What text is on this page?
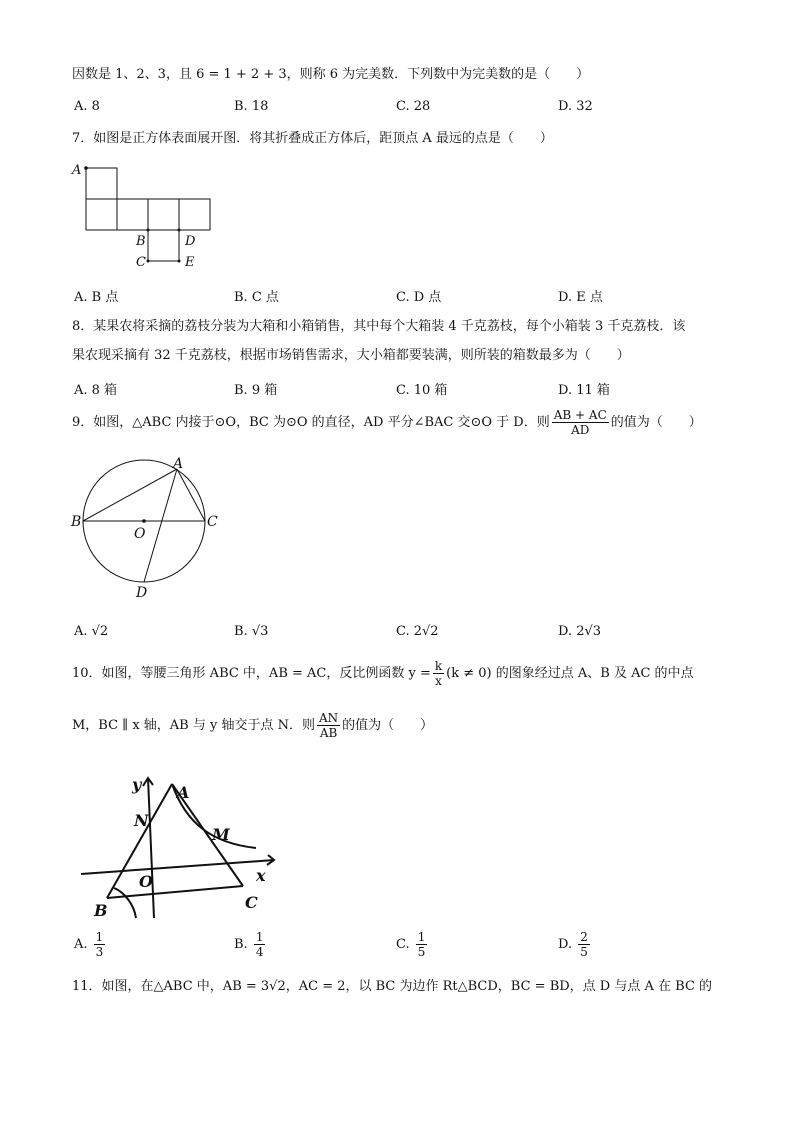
因数是 1、2、3，且 6 = 1 + 2 + 3，则称 6 为完美数．下列数中为完美数的是（　　）
A. 8	B. 18	C. 28	D. 32
7．如图是正方体表面展开图．将其折叠成正方体后，距顶点 A 最远的点是（　　）
A
B
C
D
E
A. B 点	B. C 点	C. D 点	D. E 点
8．某果农将采摘的荔枝分装为大箱和小箱销售，其中每个大箱装 4 千克荔枝，每个小箱装 3 千克荔枝．该
果农现采摘有 32 千克荔枝，根据市场销售需求，大小箱都要装满，则所装的箱数最多为（　　）
A. 8 箱	B. 9 箱	C. 10 箱	D. 11 箱
9．如图，△ABC 内接于⊙O，BC 为⊙O 的直径，AD 平分∠BAC 交⊙O 于 D．则 $\frac{AB + AC}{AD}$ 的值为（　　）
A
B	C
O
D
A. √2	B. √3	C. 2√2	D. 2√3
10．如图，等腰三角形 ABC 中，AB = AC，反比例函数 $y = \frac{k}{x} (k \ne 0)$ 的图象经过点 A、B 及 AC 的中点
M，BC ∥ x 轴，AB 与 y 轴交于点 N．则 $\frac{AN}{AB}$ 的值为（　　）
y A
N
M
O	x
B	C
A. $\frac{1}{3}$	B. $\frac{1}{4}$	C. $\frac{1}{5}$	D. $\frac{2}{5}$
11．如图，在△ABC 中，AB = 3√2，AC = 2，以 BC 为边作 Rt△BCD，BC = BD，点 D 与点 A 在 BC 的
